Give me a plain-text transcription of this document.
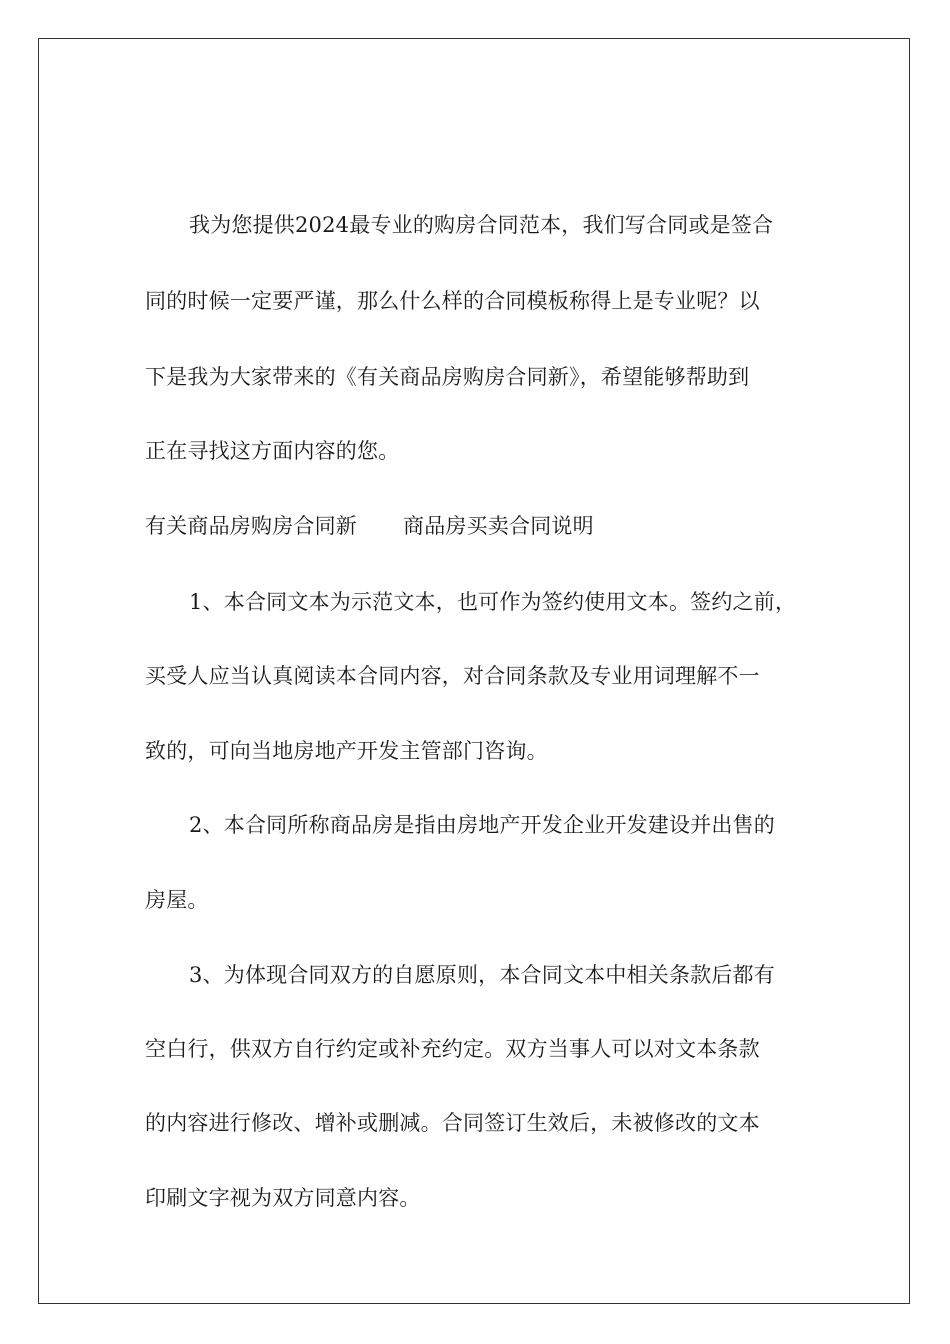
我为您提供2024最专业的购房合同范本，我们写合同或是签合
同的时候一定要严谨，那么什么样的合同模板称得上是专业呢？以
下是我为大家带来的《有关商品房购房合同新》，希望能够帮助到
正在寻找这方面内容的您。
有关商品房购房合同新 商品房买卖合同说明
1、本合同文本为示范文本，也可作为签约使用文本。签约之前，
买受人应当认真阅读本合同内容，对合同条款及专业用词理解不一
致的，可向当地房地产开发主管部门咨询。
2、本合同所称商品房是指由房地产开发企业开发建设并出售的
房屋。
3、为体现合同双方的自愿原则，本合同文本中相关条款后都有
空白行，供双方自行约定或补充约定。双方当事人可以对文本条款
的内容进行修改、增补或删减。合同签订生效后，未被修改的文本
印刷文字视为双方同意内容。
